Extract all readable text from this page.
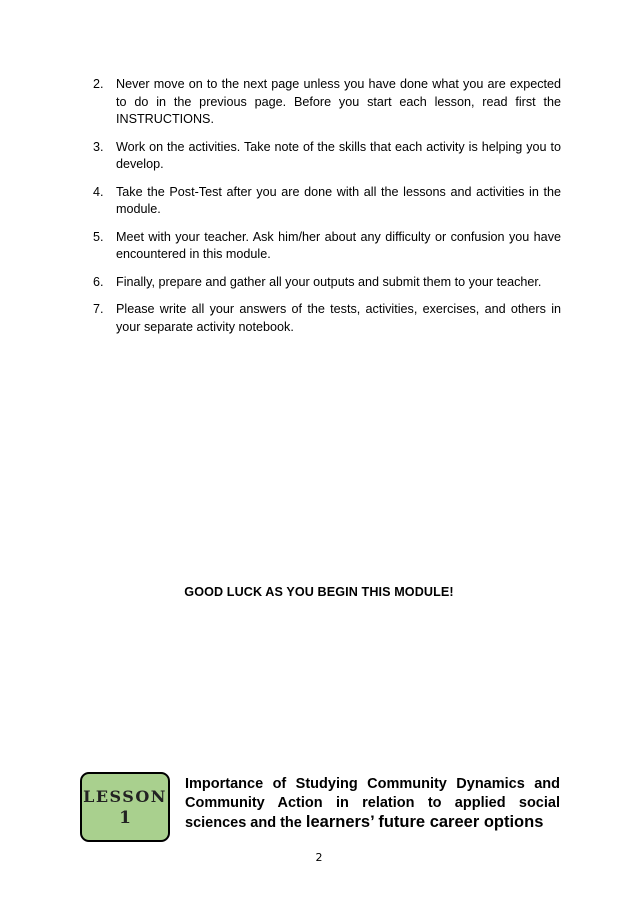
2. Never move on to the next page unless you have done what you are expected to do in the previous page. Before you start each lesson, read first the INSTRUCTIONS.
3. Work on the activities. Take note of the skills that each activity is helping you to develop.
4. Take the Post-Test after you are done with all the lessons and activities in the module.
5. Meet with your teacher. Ask him/her about any difficulty or confusion you have encountered in this module.
6. Finally, prepare and gather all your outputs and submit them to your teacher.
7. Please write all your answers of the tests, activities, exercises, and others in your separate activity notebook.
GOOD LUCK AS YOU BEGIN THIS MODULE!
LESSON
1
Importance of Studying Community Dynamics and Community Action in relation to applied social sciences and the learners’ future career options
2
